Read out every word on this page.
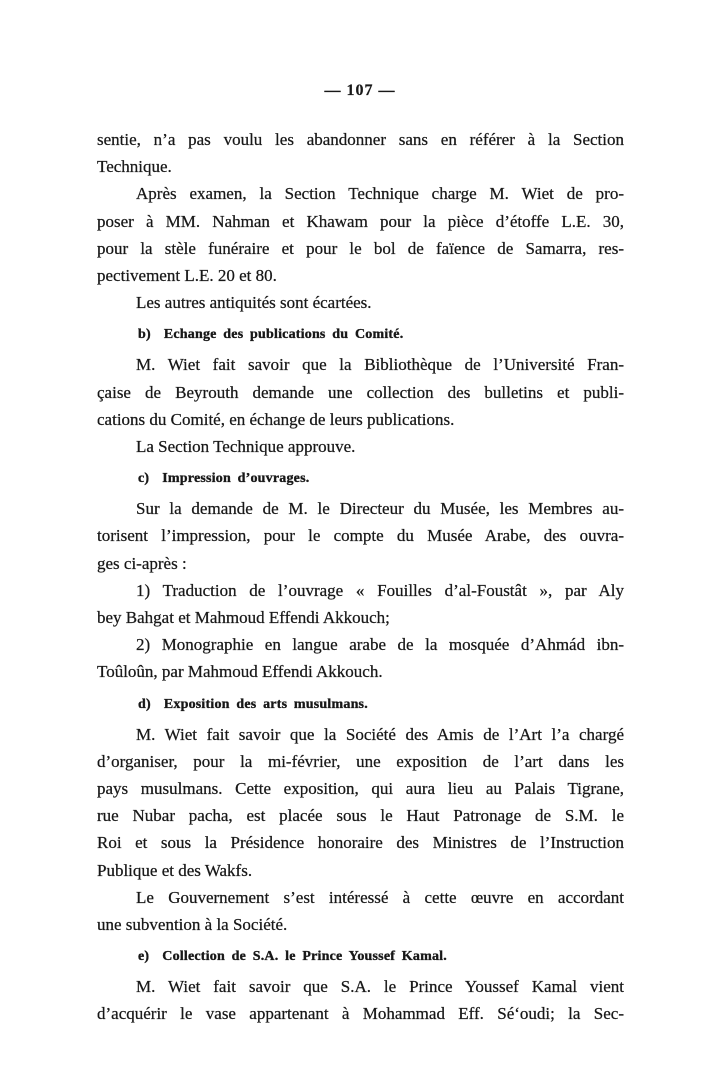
— 107 —
sentie, n’a pas voulu les abandonner sans en référer à la Section
Technique.
Après examen, la Section Technique charge M. Wiet de pro-
poser à MM. Nahman et Khawam pour la pièce d’étoffe L.E. 30,
pour la stèle funéraire et pour le bol de faïence de Samarra, res-
pectivement L.E. 20 et 80.
Les autres antiquités sont écartées.
b) Echange des publications du Comité.
M. Wiet fait savoir que la Bibliothèque de l’Université Fran-
çaise de Beyrouth demande une collection des bulletins et publi-
cations du Comité, en échange de leurs publications.
La Section Technique approuve.
c) Impression d’ouvrages.
Sur la demande de M. le Directeur du Musée, les Membres au-
torisent l’impression, pour le compte du Musée Arabe, des ouvra-
ges ci-après :
1) Traduction de l’ouvrage « Fouilles d’al-Foustât », par Aly
bey Bahgat et Mahmoud Effendi Akkouch;
2) Monographie en langue arabe de la mosquée d’Ahmád ibn-
Toûloûn, par Mahmoud Effendi Akkouch.
d) Exposition des arts musulmans.
M. Wiet fait savoir que la Société des Amis de l’Art l’a chargé
d’organiser, pour la mi-février, une exposition de l’art dans les
pays musulmans. Cette exposition, qui aura lieu au Palais Tigrane,
rue Nubar pacha, est placée sous le Haut Patronage de S.M. le
Roi et sous la Présidence honoraire des Ministres de l’Instruction
Publique et des Wakfs.
Le Gouvernement s’est intéressé à cette œuvre en accordant
une subvention à la Société.
e) Collection de S.A. le Prince Youssef Kamal.
M. Wiet fait savoir que S.A. le Prince Youssef Kamal vient
d’acquérir le vase appartenant à Mohammad Eff. Sé‘oudi; la Sec-
